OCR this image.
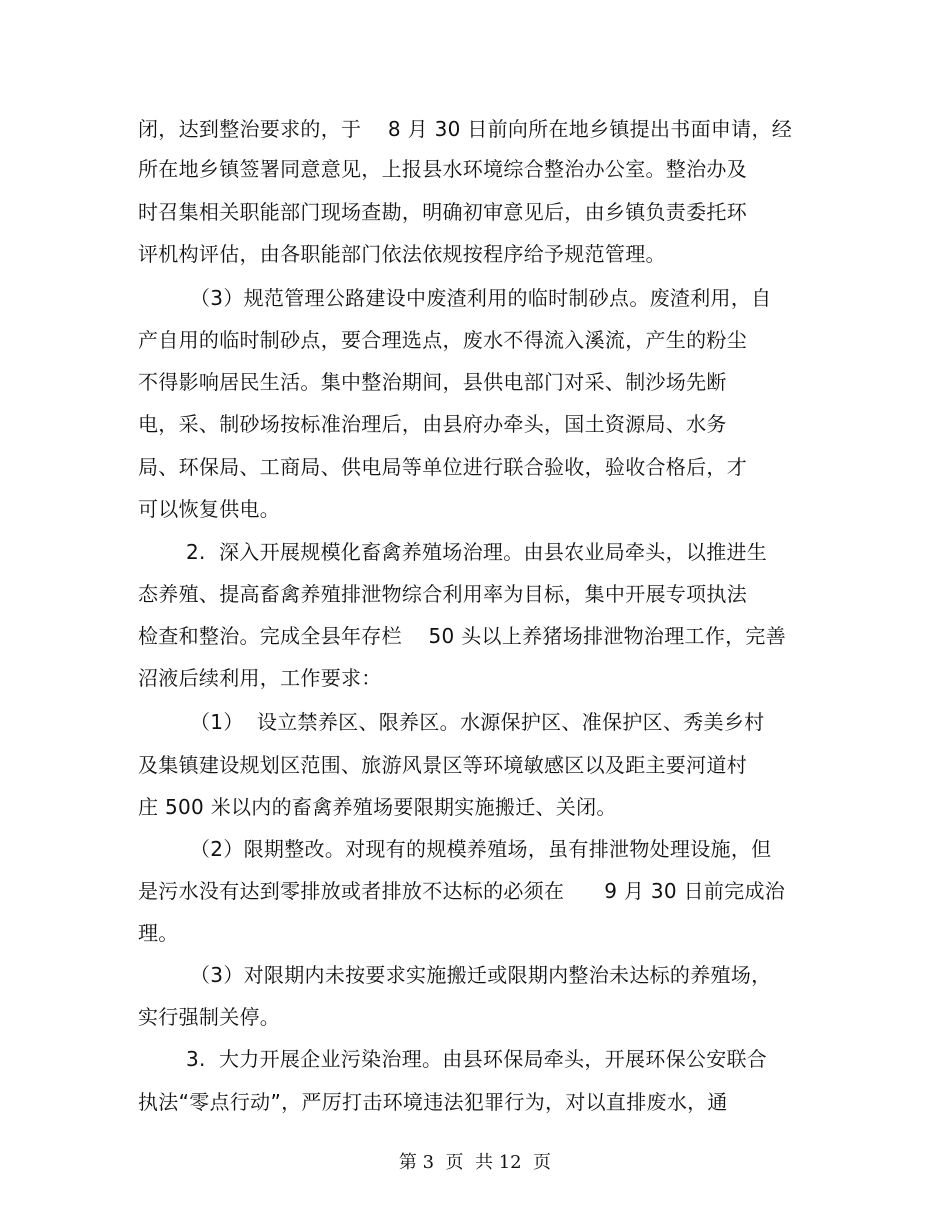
闭，达到整治要求的，于    8 月 30 日前向所在地乡镇提出书面申请，经
所在地乡镇签署同意意见，上报县水环境综合整治办公室。整治办及
时召集相关职能部门现场查勘，明确初审意见后，由乡镇负责委托环
评机构评估，由各职能部门依法依规按程序给予规范管理。
（3）规范管理公路建设中废渣利用的临时制砂点。废渣利用，自
产自用的临时制砂点，要合理选点，废水不得流入溪流，产生的粉尘
不得影响居民生活。集中整治期间，县供电部门对采、制沙场先断
电，采、制砂场按标准治理后，由县府办牵头，国土资源局、水务
局、环保局、工商局、供电局等单位进行联合验收，验收合格后，才
可以恢复供电。
2.  深入开展规模化畜禽养殖场治理。由县农业局牵头，以推进生
态养殖、提高畜禽养殖排泄物综合利用率为目标，集中开展专项执法
检查和整治。完成全县年存栏    50 头以上养猪场排泄物治理工作，完善
沼液后续利用，工作要求：
（1）  设立禁养区、限养区。水源保护区、准保护区、秀美乡村
及集镇建设规划区范围、旅游风景区等环境敏感区以及距主要河道村
庄 500 米以内的畜禽养殖场要限期实施搬迁、关闭。
（2）限期整改。对现有的规模养殖场，虽有排泄物处理设施，但
是污水没有达到零排放或者排放不达标的必须在      9 月 30 日前完成治
理。
（3）对限期内未按要求实施搬迁或限期内整治未达标的养殖场，
实行强制关停。
3.  大力开展企业污染治理。由县环保局牵头，开展环保公安联合
执法“零点行动”，严厉打击环境违法犯罪行为，对以直排废水，通
第 3  页  共 12  页
